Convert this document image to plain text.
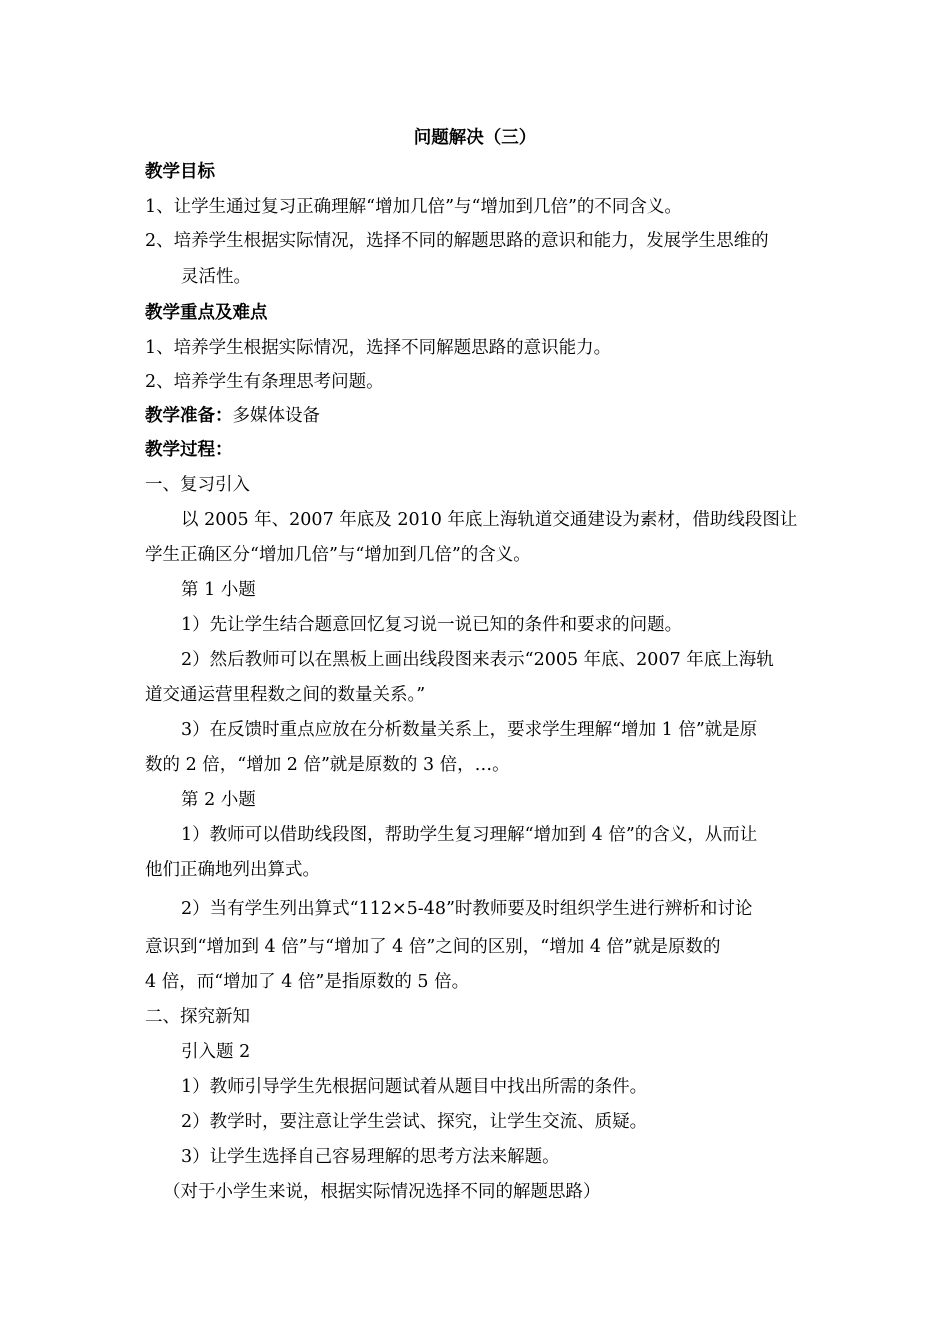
问题解决（三）
教学目标
1、让学生通过复习正确理解“增加几倍”与“增加到几倍”的不同含义。
2、培养学生根据实际情况，选择不同的解题思路的意识和能力，发展学生思维的
灵活性。
教学重点及难点
1、培养学生根据实际情况，选择不同解题思路的意识能力。
2、培养学生有条理思考问题。
教学准备：多媒体设备
教学过程：
一、复习引入
以 2005 年、2007 年底及 2010 年底上海轨道交通建设为素材，借助线段图让
学生正确区分“增加几倍”与“增加到几倍”的含义。
第 1 小题
1）先让学生结合题意回忆复习说一说已知的条件和要求的问题。
2）然后教师可以在黑板上画出线段图来表示“2005 年底、2007 年底上海轨
道交通运营里程数之间的数量关系。”
3）在反馈时重点应放在分析数量关系上，要求学生理解“增加 1 倍”就是原
数的 2 倍，“增加 2 倍”就是原数的 3 倍，…。
第 2 小题
1）教师可以借助线段图，帮助学生复习理解“增加到 4 倍”的含义，从而让
他们正确地列出算式。
2）当有学生列出算式“112×5-48”时教师要及时组织学生进行辨析和讨论
意识到“增加到 4 倍”与“增加了 4 倍”之间的区别，“增加 4 倍”就是原数的
4 倍，而“增加了 4 倍”是指原数的 5 倍。
二、探究新知
引入题 2
1）教师引导学生先根据问题试着从题目中找出所需的条件。
2）教学时，要注意让学生尝试、探究，让学生交流、质疑。
3）让学生选择自己容易理解的思考方法来解题。
（对于小学生来说，根据实际情况选择不同的解题思路）
